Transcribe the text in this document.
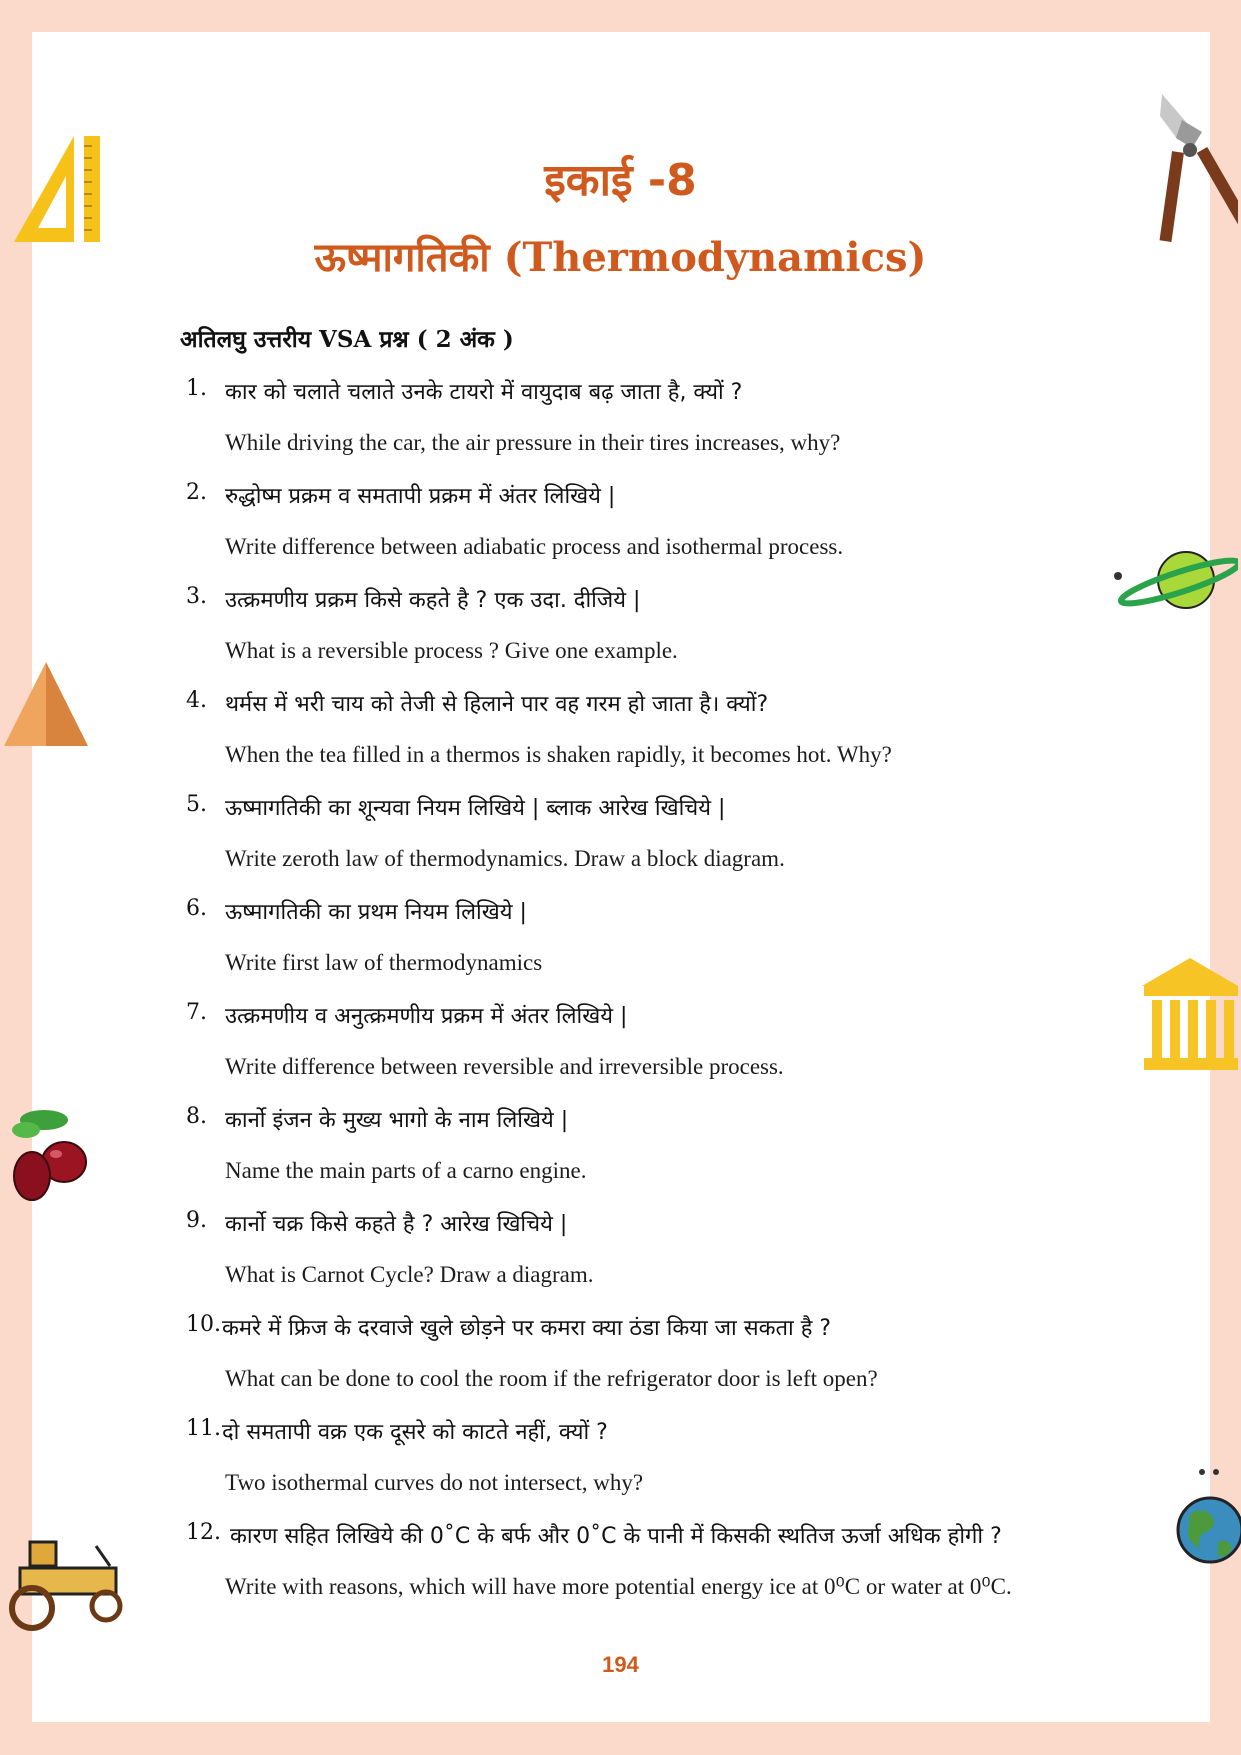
इकाई -8
ऊष्मागतिकी (Thermodynamics)
अतिलघु उत्तरीय VSA प्रश्न ( 2 अंक )
1. कार को चलाते चलाते उनके टायरो में वायुदाब बढ़ जाता है, क्यों ?
While driving the car, the air pressure in their tires increases, why?
2. रुद्धोष्म प्रक्रम व समतापी प्रक्रम में अंतर लिखिये |
Write difference between adiabatic process and isothermal process.
3. उत्क्रमणीय प्रक्रम किसे कहते है ? एक उदा. दीजिये |
What is a reversible process ? Give one example.
4. थर्मस में भरी चाय को तेजी से हिलाने पार वह गरम हो जाता है। क्यों?
When the tea filled in a thermos is shaken rapidly, it becomes hot. Why?
5. ऊष्मागतिकी का शून्यवा नियम लिखिये | ब्लाक आरेख खिचिये |
Write zeroth law of thermodynamics. Draw a block diagram.
6. ऊष्मागतिकी का प्रथम नियम लिखिये |
Write first law of thermodynamics
7. उत्क्रमणीय व अनुत्क्रमणीय प्रक्रम में अंतर लिखिये |
Write difference between reversible and irreversible process.
8. कार्नो इंजन के मुख्य भागो के नाम लिखिये |
Name the main parts of a carno engine.
9. कार्नो चक्र किसे कहते है ? आरेख खिचिये |
What is Carnot Cycle? Draw a diagram.
10. कमरे में फ्रिज के दरवाजे खुले छोड़ने पर कमरा क्या ठंडा किया जा सकता है ?
What can be done to cool the room if the refrigerator door is left open?
11. दो समतापी वक्र एक दूसरे को काटते नहीं, क्यों ?
Two isothermal curves do not intersect, why?
12. कारण सहित लिखिये की 0˚C के बर्फ और 0˚C के पानी में किसकी स्थतिज ऊर्जा अधिक होगी ?
Write with reasons, which will have more potential energy ice at 0⁰C or water at 0⁰C.
194
